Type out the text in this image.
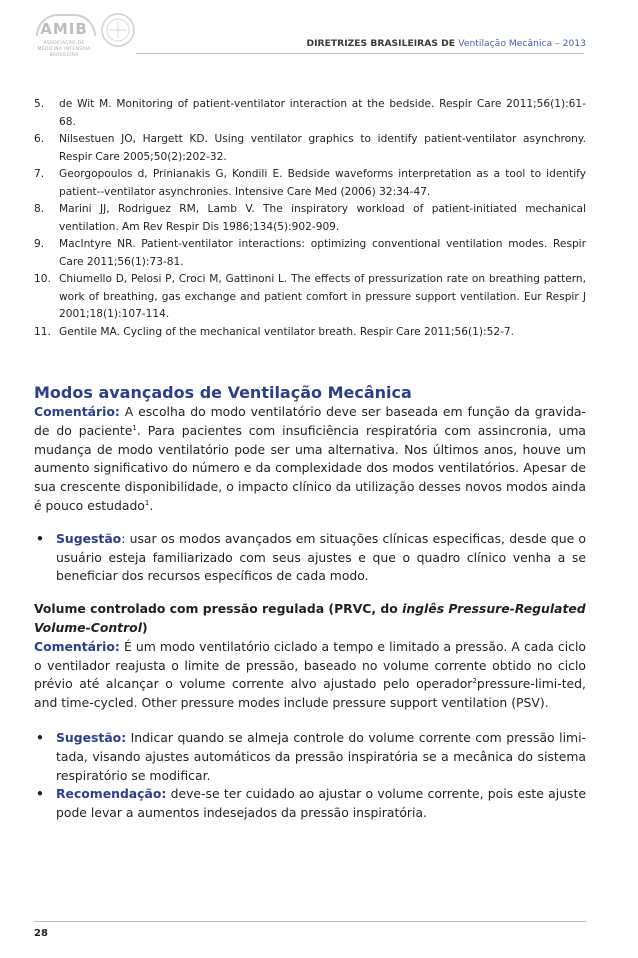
AMIB
ASSOCIAÇÃO DE MEDICINA INTENSIVA BRASILEIRA
DIRETRIZES BRASILEIRAS DE Ventilação Mecânica – 2013
5. de Wit M. Monitoring of patient-ventilator interaction at the bedside. Respir Care 2011;56(1):61-68.
6. Nilsestuen JO, Hargett KD. Using ventilator graphics to identify patient-ventilator asynchrony. Respir Care 2005;50(2):202-32.
7. Georgopoulos d, Prinianakis G, Kondili E. Bedside waveforms interpretation as a tool to identify patient--ventilator asynchronies. Intensive Care Med (2006) 32:34-47.
8. Marini JJ, Rodriguez RM, Lamb V. The inspiratory workload of patient-initiated mechanical ventilation. Am Rev Respir Dis 1986;134(5):902-909.
9. MacIntyre NR. Patient-ventilator interactions: optimizing conventional ventilation modes. Respir Care 2011;56(1):73-81.
10. Chiumello D, Pelosi P, Croci M, Gattinoni L. The effects of pressurization rate on breathing pattern, work of breathing, gas exchange and patient comfort in pressure support ventilation. Eur Respir J 2001;18(1):107-114.
11. Gentile MA. Cycling of the mechanical ventilator breath. Respir Care 2011;56(1):52-7.
Modos avançados de Ventilação Mecânica

Comentário: A escolha do modo ventilatório deve ser baseada em função da gravida-de do paciente$^1$. Para pacientes com insuficiência respiratória com assincronia, uma mudança de modo ventilatório pode ser uma alternativa. Nos últimos anos, houve um aumento significativo do número e da complexidade dos modos ventilatórios. Apesar de sua crescente disponibilidade, o impacto clínico da utilização desses novos modos ainda é pouco estudado$^1$.

• Sugestão: usar os modos avançados em situações clínicas especificas, desde que o usuário esteja familiarizado com seus ajustes e que o quadro clínico venha a se beneficiar dos recursos específicos de cada modo.

Volume controlado com pressão regulada (PRVC, do inglês Pressure-Regulated Volume-Control)

Comentário: É um modo ventilatório ciclado a tempo e limitado a pressão. A cada ciclo o ventilador reajusta o limite de pressão, baseado no volume corrente obtido no ciclo prévio até alcançar o volume corrente alvo ajustado pelo operador$^2$pressure-limi-ted, and time-cycled. Other pressure modes include pressure support ventilation (PSV).

• Sugestão: Indicar quando se almeja controle do volume corrente com pressão limi-tada, visando ajustes automáticos da pressão inspiratória se a mecânica do sistema respiratório se modificar.

• Recomendação: deve-se ter cuidado ao ajustar o volume corrente, pois este ajuste pode levar a aumentos indesejados da pressão inspiratória.

28
